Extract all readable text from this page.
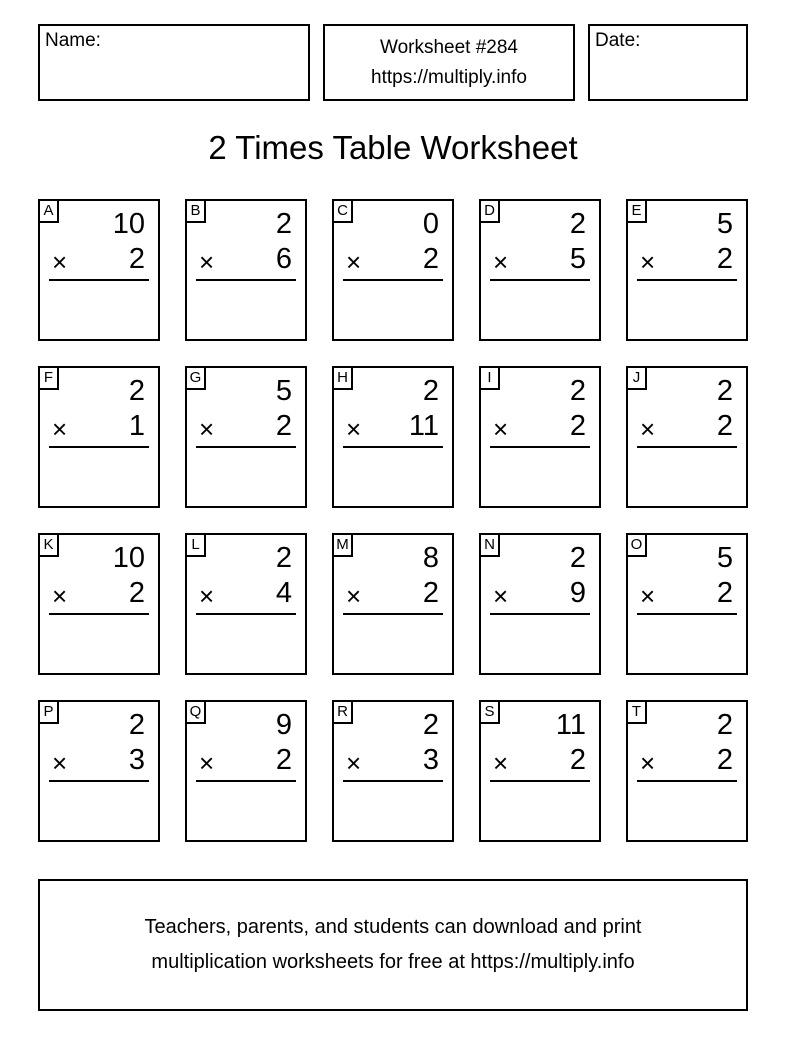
Name:	Worksheet #284
https://multiply.info
Date:
2 Times Table Worksheet
A 10
× 2
B	2
× 6
C	0
× 2
D	2
× 5
E	5
× 2
F	2
× 1
G	5
× 2
H	2
× 11
I	2
× 2
J	2
× 2
K 10
× 2
L	2
× 4
M	8
× 2
N	2
× 9
O	5
× 2
P	2
× 3
Q	9
× 2
R	2
× 3
S 11
× 2
T	2
× 2
Teachers, parents, and students can download and print
multiplication worksheets for free at https://multiply.info
